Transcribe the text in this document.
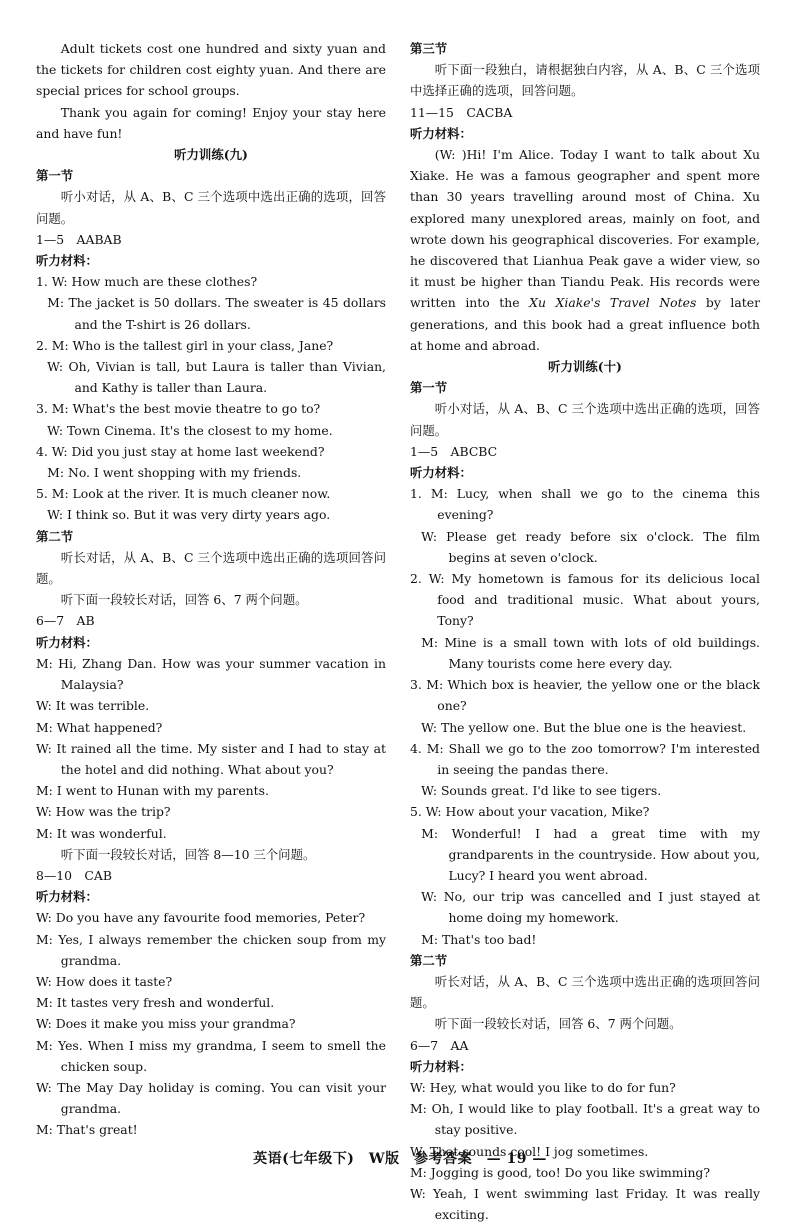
Adult tickets cost one hundred and sixty yuan and the tickets for children cost eighty yuan. And there are special prices for school groups.

Thank you again for coming! Enjoy your stay here and have fun!

听力训练(九)

第一节

听小对话，从 A、B、C 三个选项中选出正确的选项，回答问题。

1—5　AABAB

听力材料：

1. W: How much are these clothes?

M: The jacket is 50 dollars. The sweater is 45 dollars and the T-shirt is 26 dollars.

2. M: Who is the tallest girl in your class, Jane?

W: Oh, Vivian is tall, but Laura is taller than Vivian, and Kathy is taller than Laura.

3. M: What's the best movie theatre to go to?

W: Town Cinema. It's the closest to my home.

4. W: Did you just stay at home last weekend?

M: No. I went shopping with my friends.

5. M: Look at the river. It is much cleaner now.

W: I think so. But it was very dirty years ago.

第二节

听长对话，从 A、B、C 三个选项中选出正确的选项回答问题。

听下面一段较长对话，回答 6、7 两个问题。

6—7　AB

听力材料：

M: Hi, Zhang Dan. How was your summer vacation in Malaysia?

W: It was terrible.

M: What happened?

W: It rained all the time. My sister and I had to stay at the hotel and did nothing. What about you?

M: I went to Hunan with my parents.

W: How was the trip?

M: It was wonderful.

听下面一段较长对话，回答 8—10 三个问题。

8—10　CAB

听力材料：

W: Do you have any favourite food memories, Peter?

M: Yes, I always remember the chicken soup from my grandma.

W: How does it taste?

M: It tastes very fresh and wonderful.

W: Does it make you miss your grandma?

M: Yes. When I miss my grandma, I seem to smell the chicken soup.

W: The May Day holiday is coming. You can visit your grandma.

M: That's great!

第三节

听下面一段独白，请根据独白内容，从 A、B、C 三个选项中选择正确的选项，回答问题。

11—15　CACBA

听力材料：

(W: )Hi! I'm Alice. Today I want to talk about Xu Xiake. He was a famous geographer and spent more than 30 years travelling around most of China. Xu explored many unexplored areas, mainly on foot, and wrote down his geographical discoveries. For example, he discovered that Lianhua Peak gave a wider view, so it must be higher than Tiandu Peak. His records were written into the Xu Xiake's Travel Notes by later generations, and this book had a great influence both at home and abroad.

听力训练(十)

第一节

听小对话，从 A、B、C 三个选项中选出正确的选项，回答问题。

1—5　ABCBC

听力材料：

1. M: Lucy, when shall we go to the cinema this evening?

W: Please get ready before six o'clock. The film begins at seven o'clock.

2. W: My hometown is famous for its delicious local food and traditional music. What about yours, Tony?

M: Mine is a small town with lots of old buildings. Many tourists come here every day.

3. M: Which box is heavier, the yellow one or the black one?

W: The yellow one. But the blue one is the heaviest.

4. M: Shall we go to the zoo tomorrow? I'm interested in seeing the pandas there.

W: Sounds great. I'd like to see tigers.

5. W: How about your vacation, Mike?

M: Wonderful! I had a great time with my grandparents in the countryside. How about you, Lucy? I heard you went abroad.

W: No, our trip was cancelled and I just stayed at home doing my homework.

M: That's too bad!

第二节

听长对话，从 A、B、C 三个选项中选出正确的选项回答问题。

听下面一段较长对话，回答 6、7 两个问题。

6—7　AA

听力材料：

W: Hey, what would you like to do for fun?

M: Oh, I would like to play football. It's a great way to stay positive.

W: That sounds cool! I jog sometimes.

M: Jogging is good, too! Do you like swimming?

W: Yeah, I went swimming last Friday. It was really exciting.

英语(七年级下)　W版　参考答案　— 19 —
